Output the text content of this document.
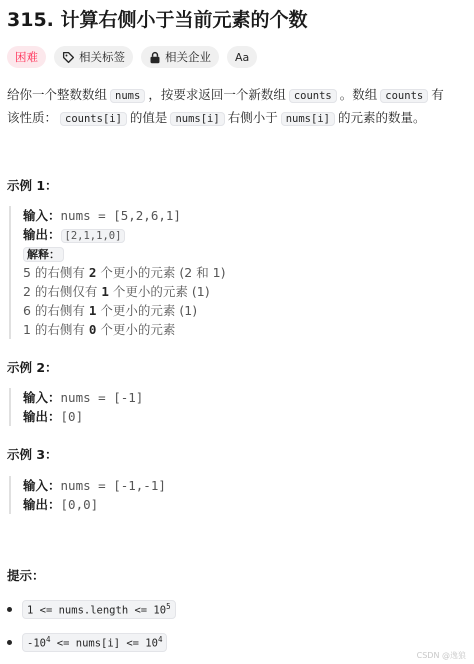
315. 计算右侧小于当前元素的个数
困难	相关标签	相关企业 Aa
给你一个整数数组 nums ，按要求返回一个新数组 counts 。数组 counts 有
该性质： counts[i] 的值是 nums[i] 右侧小于 nums[i] 的元素的数量。
示例 1：
输入：nums = [5,2,6,1]
输出： [2,1,1,0]
解释：
5 的右侧有 2 个更小的元素 (2 和 1)
2 的右侧仅有 1 个更小的元素 (1)
6 的右侧有 1 个更小的元素 (1)
1 的右侧有 0 个更小的元素
示例 2：
输入：nums = [-1]
输出：[0]
示例 3：
输入：nums = [-1,-1]
输出：[0,0]
提示：
1 <= nums.length <= $10^5$
$-10^4$ <= nums[i] <= $10^4$
CSDN @逸狼
